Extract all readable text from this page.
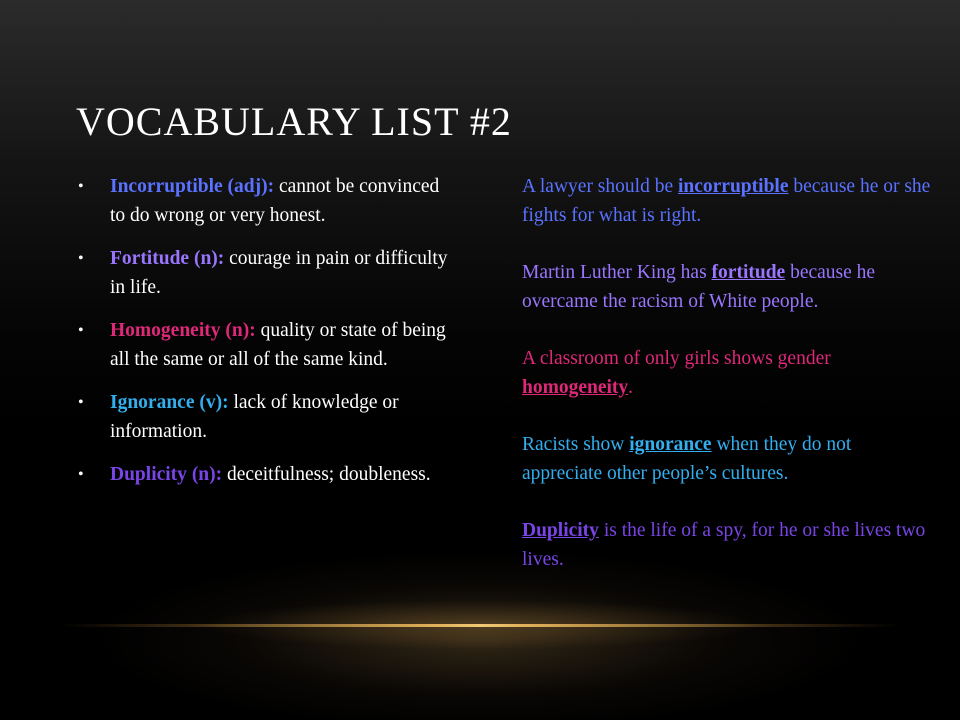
VOCABULARY LIST #2
• Incorruptible (adj): cannot be convinced to do wrong or very honest.
• Fortitude (n): courage in pain or difficulty in life.
• Homogeneity (n): quality or state of being all the same or all of the same kind.
• Ignorance (v): lack of knowledge or information.
• Duplicity (n): deceitfulness; doubleness.

A lawyer should be incorruptible because he or she fights for what is right.

Martin Luther King has fortitude because he overcame the racism of White people.

A classroom of only girls shows gender homogeneity.

Racists show ignorance when they do not appreciate other people’s cultures.

Duplicity is the life of a spy, for he or she lives two lives.
